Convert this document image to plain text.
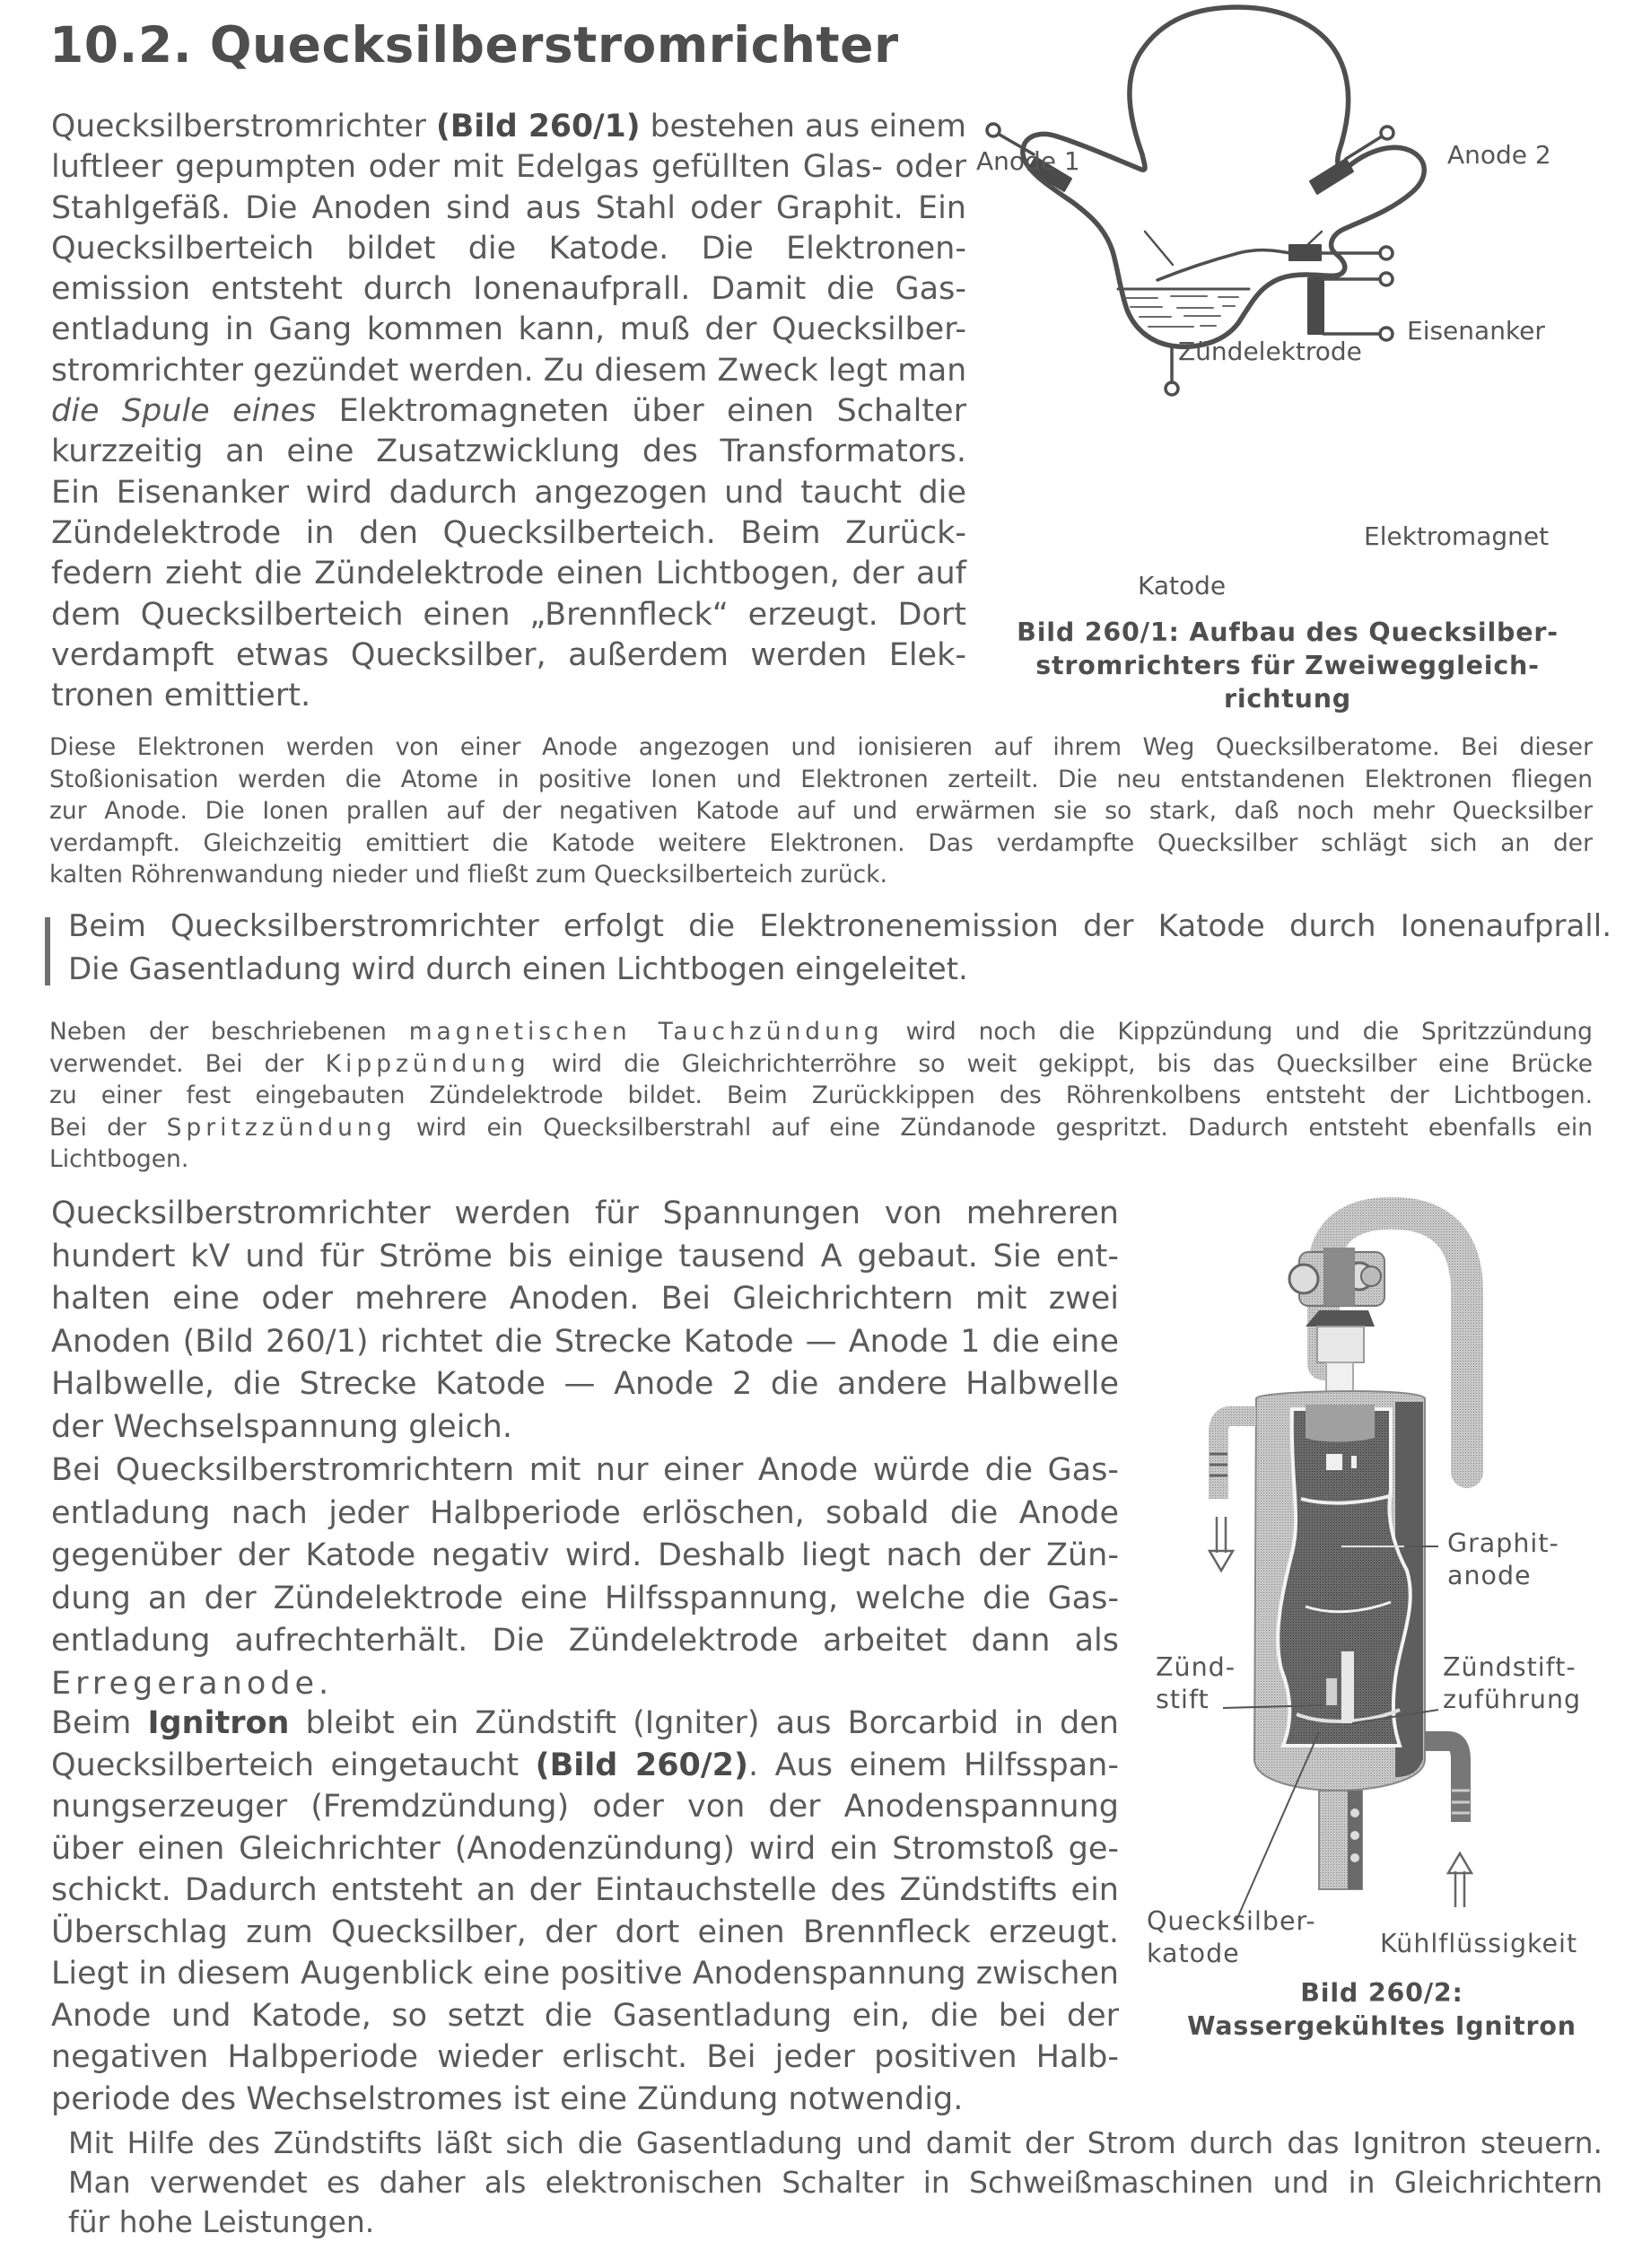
10.2. Quecksilberstromrichter
Quecksilberstromrichter (Bild 260/1) bestehen aus einem
luftleer gepumpten oder mit Edelgas gefüllten Glas- oder
Stahlgefäß. Die Anoden sind aus Stahl oder Graphit. Ein
Quecksilberteich bildet die Katode. Die Elektronen-
emission entsteht durch Ionenaufprall. Damit die Gas-
entladung in Gang kommen kann, muß der Quecksilber-
stromrichter gezündet werden. Zu diesem Zweck legt man
die Spule eines Elektromagneten über einen Schalter
kurzzeitig an eine Zusatzwicklung des Transformators.
Ein Eisenanker wird dadurch angezogen und taucht die
Zündelektrode in den Quecksilberteich. Beim Zurück-
federn zieht die Zündelektrode einen Lichtbogen, der auf
dem Quecksilberteich einen „Brennfleck“ erzeugt. Dort
verdampft etwas Quecksilber, außerdem werden Elek-
tronen emittiert.
Anode 1	Anode 2
Eisenanker
Zündelektrode
Elektromagnet
Katode
Bild 260/1: Aufbau des Quecksilber-
stromrichters für Zweiweggleich-
richtung
Diese Elektronen werden von einer Anode angezogen und ionisieren auf ihrem Weg Quecksilberatome. Bei dieser
Stoßionisation werden die Atome in positive Ionen und Elektronen zerteilt. Die neu entstandenen Elektronen fliegen
zur Anode. Die Ionen prallen auf der negativen Katode auf und erwärmen sie so stark, daß noch mehr Quecksilber
verdampft. Gleichzeitig emittiert die Katode weitere Elektronen. Das verdampfte Quecksilber schlägt sich an der
kalten Röhrenwandung nieder und fließt zum Quecksilberteich zurück.
Beim Quecksilberstromrichter erfolgt die Elektronenemission der Katode durch Ionenaufprall.
Die Gasentladung wird durch einen Lichtbogen eingeleitet.
Neben der beschriebenen magnetischen Tauchzündung wird noch die Kippzündung und die Spritzzündung
verwendet. Bei der Kippzündung wird die Gleichrichterröhre so weit gekippt, bis das Quecksilber eine Brücke
zu einer fest eingebauten Zündelektrode bildet. Beim Zurückkippen des Röhrenkolbens entsteht der Lichtbogen.
Bei der Spritzzündung wird ein Quecksilberstrahl auf eine Zündanode gespritzt. Dadurch entsteht ebenfalls ein
Lichtbogen.
Quecksilberstromrichter werden für Spannungen von mehreren
hundert kV und für Ströme bis einige tausend A gebaut. Sie ent-
halten eine oder mehrere Anoden. Bei Gleichrichtern mit zwei
Anoden (Bild 260/1) richtet die Strecke Katode — Anode 1 die eine
Halbwelle, die Strecke Katode — Anode 2 die andere Halbwelle
der Wechselspannung gleich.
Bei Quecksilberstromrichtern mit nur einer Anode würde die Gas-
entladung nach jeder Halbperiode erlöschen, sobald die Anode
gegenüber der Katode negativ wird. Deshalb liegt nach der Zün-
dung an der Zündelektrode eine Hilfsspannung, welche die Gas-
entladung aufrechterhält. Die Zündelektrode arbeitet dann als
Erregeranode.
Beim Ignitron bleibt ein Zündstift (Igniter) aus Borcarbid in den
Quecksilberteich eingetaucht (Bild 260/2). Aus einem Hilfsspan-
nungserzeuger (Fremdzündung) oder von der Anodenspannung
über einen Gleichrichter (Anodenzündung) wird ein Stromstoß ge-
schickt. Dadurch entsteht an der Eintauchstelle des Zündstifts ein
Überschlag zum Quecksilber, der dort einen Brennfleck erzeugt.
Liegt in diesem Augenblick eine positive Anodenspannung zwischen
Anode und Katode, so setzt die Gasentladung ein, die bei der
negativen Halbperiode wieder erlischt. Bei jeder positiven Halb-
periode des Wechselstromes ist eine Zündung notwendig.
Graphit-
anode
Zünd-
stift
Zündstift-
zuführung
Quecksilber-
katode	Kühlflüssigkeit
Bild 260/2:
Wassergekühltes Ignitron
Mit Hilfe des Zündstifts läßt sich die Gasentladung und damit der Strom durch das Ignitron steuern.
Man verwendet es daher als elektronischen Schalter in Schweißmaschinen und in Gleichrichtern
für hohe Leistungen.
